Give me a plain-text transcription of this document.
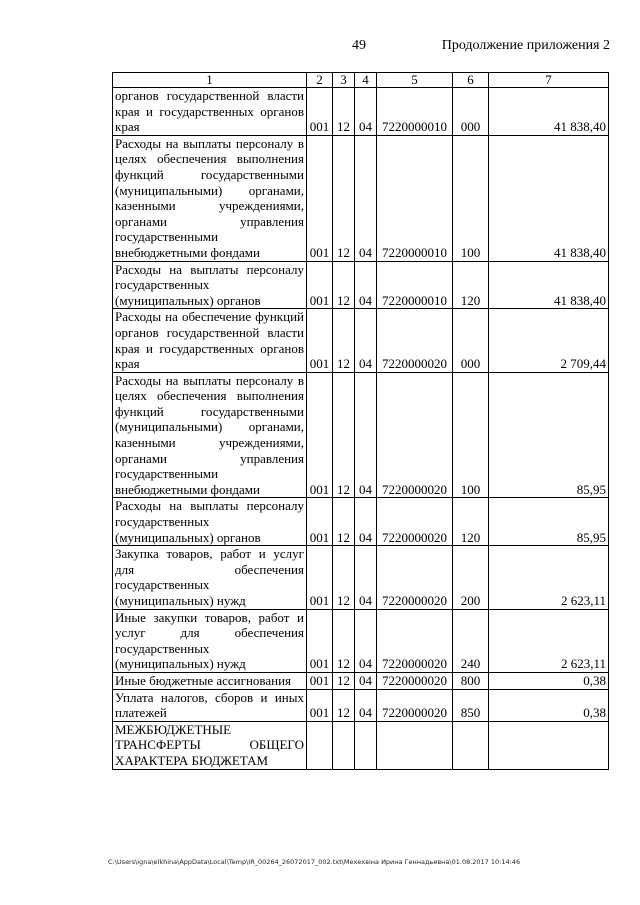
49	Продолжение приложения 2
1	2	3	4	5	6	7
органов государственной власти края и государственных органов края	001	12	04	7220000010	000	41 838,40
Расходы на выплаты персоналу в целях обеспечения выполнения функций государственными (муниципальными) органами, казенными учреждениями, органами управления государственными внебюджетными фондами	001	12	04	7220000010	100	41 838,40
Расходы на выплаты персоналу государственных (муниципальных) органов	001	12	04	7220000010	120	41 838,40
Расходы на обеспечение функций органов государственной власти края и государственных органов края	001	12	04	7220000020	000	2 709,44
Расходы на выплаты персоналу в целях обеспечения выполнения функций государственными (муниципальными) органами, казенными учреждениями, органами управления государственными внебюджетными фондами	001	12	04	7220000020	100	85,95
Расходы на выплаты персоналу государственных (муниципальных) органов	001	12	04	7220000020	120	85,95
Закупка товаров, работ и услуг для обеспечения государственных (муниципальных) нужд	001	12	04	7220000020	200	2 623,11
Иные закупки товаров, работ и услуг для обеспечения государственных (муниципальных) нужд	001	12	04	7220000020	240	2 623,11
Иные бюджетные ассигнования	001	12	04	7220000020	800	0,38
Уплата налогов, сборов и иных платежей	001	12	04	7220000020	850	0,38
МЕЖБЮДЖЕТНЫЕ ТРАНСФЕРТЫ ОБЩЕГО ХАРАКТЕРА БЮДЖЕТАМ						
C:\Users\igna\elkhina\AppData\Local\Temp\IR_00264_26072017_002.txt\Мехехвіна Ирина Геннадьевна\01.08.2017 10:14:46
